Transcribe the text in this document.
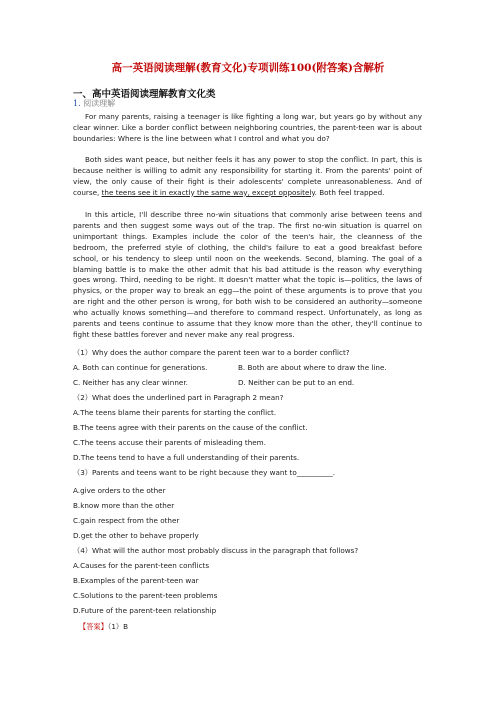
高一英语阅读理解(教育文化)专项训练100(附答案)含解析
一、高中英语阅读理解教育文化类
1. 阅读理解

For many parents, raising a teenager is like fighting a long war, but years go by without any clear winner. Like a border conflict between neighboring countries, the parent-teen war is about boundaries: Where is the line between what I control and what you do?

Both sides want peace, but neither feels it has any power to stop the conflict. In part, this is because neither is willing to admit any responsibility for starting it. From the parents' point of view, the only cause of their fight is their adolescents' complete unreasonableness. And of course, the teens see it in exactly the same way, except oppositely. Both feel trapped.

In this article, I'll describe three no-win situations that commonly arise between teens and parents and then suggest some ways out of the trap. The first no-win situation is quarrel on unimportant things. Examples include the color of the teen's hair, the cleanness of the bedroom, the preferred style of clothing, the child's failure to eat a good breakfast before school, or his tendency to sleep until noon on the weekends. Second, blaming. The goal of a blaming battle is to make the other admit that his bad attitude is the reason why everything goes wrong. Third, needing to be right. It doesn't matter what the topic is—politics, the laws of physics, or the proper way to break an egg—the point of these arguments is to prove that you are right and the other person is wrong, for both wish to be considered an authority—someone who actually knows something—and therefore to command respect. Unfortunately, as long as parents and teens continue to assume that they know more than the other, they'll continue to fight these battles forever and never make any real progress.

（1）Why does the author compare the parent teen war to a border conflict?
A. Both can continue for generations.	B. Both are about where to draw the line.
C. Neither has any clear winner.	D. Neither can be put to an end.
（2）What does the underlined part in Paragraph 2 mean?
A.The teens blame their parents for starting the conflict.
B.The teens agree with their parents on the cause of the conflict.
C.The teens accuse their parents of misleading them.
D.The teens tend to have a full understanding of their parents.
（3）Parents and teens want to be right because they want to__________.
A.give orders to the other
B.know more than the other
C.gain respect from the other
D.get the other to behave properly
（4）What will the author most probably discuss in the paragraph that follows?
A.Causes for the parent-teen conflicts
B.Examples of the parent-teen war
C.Solutions to the parent-teen problems
D.Future of the parent-teen relationship
【答案】（1）B
